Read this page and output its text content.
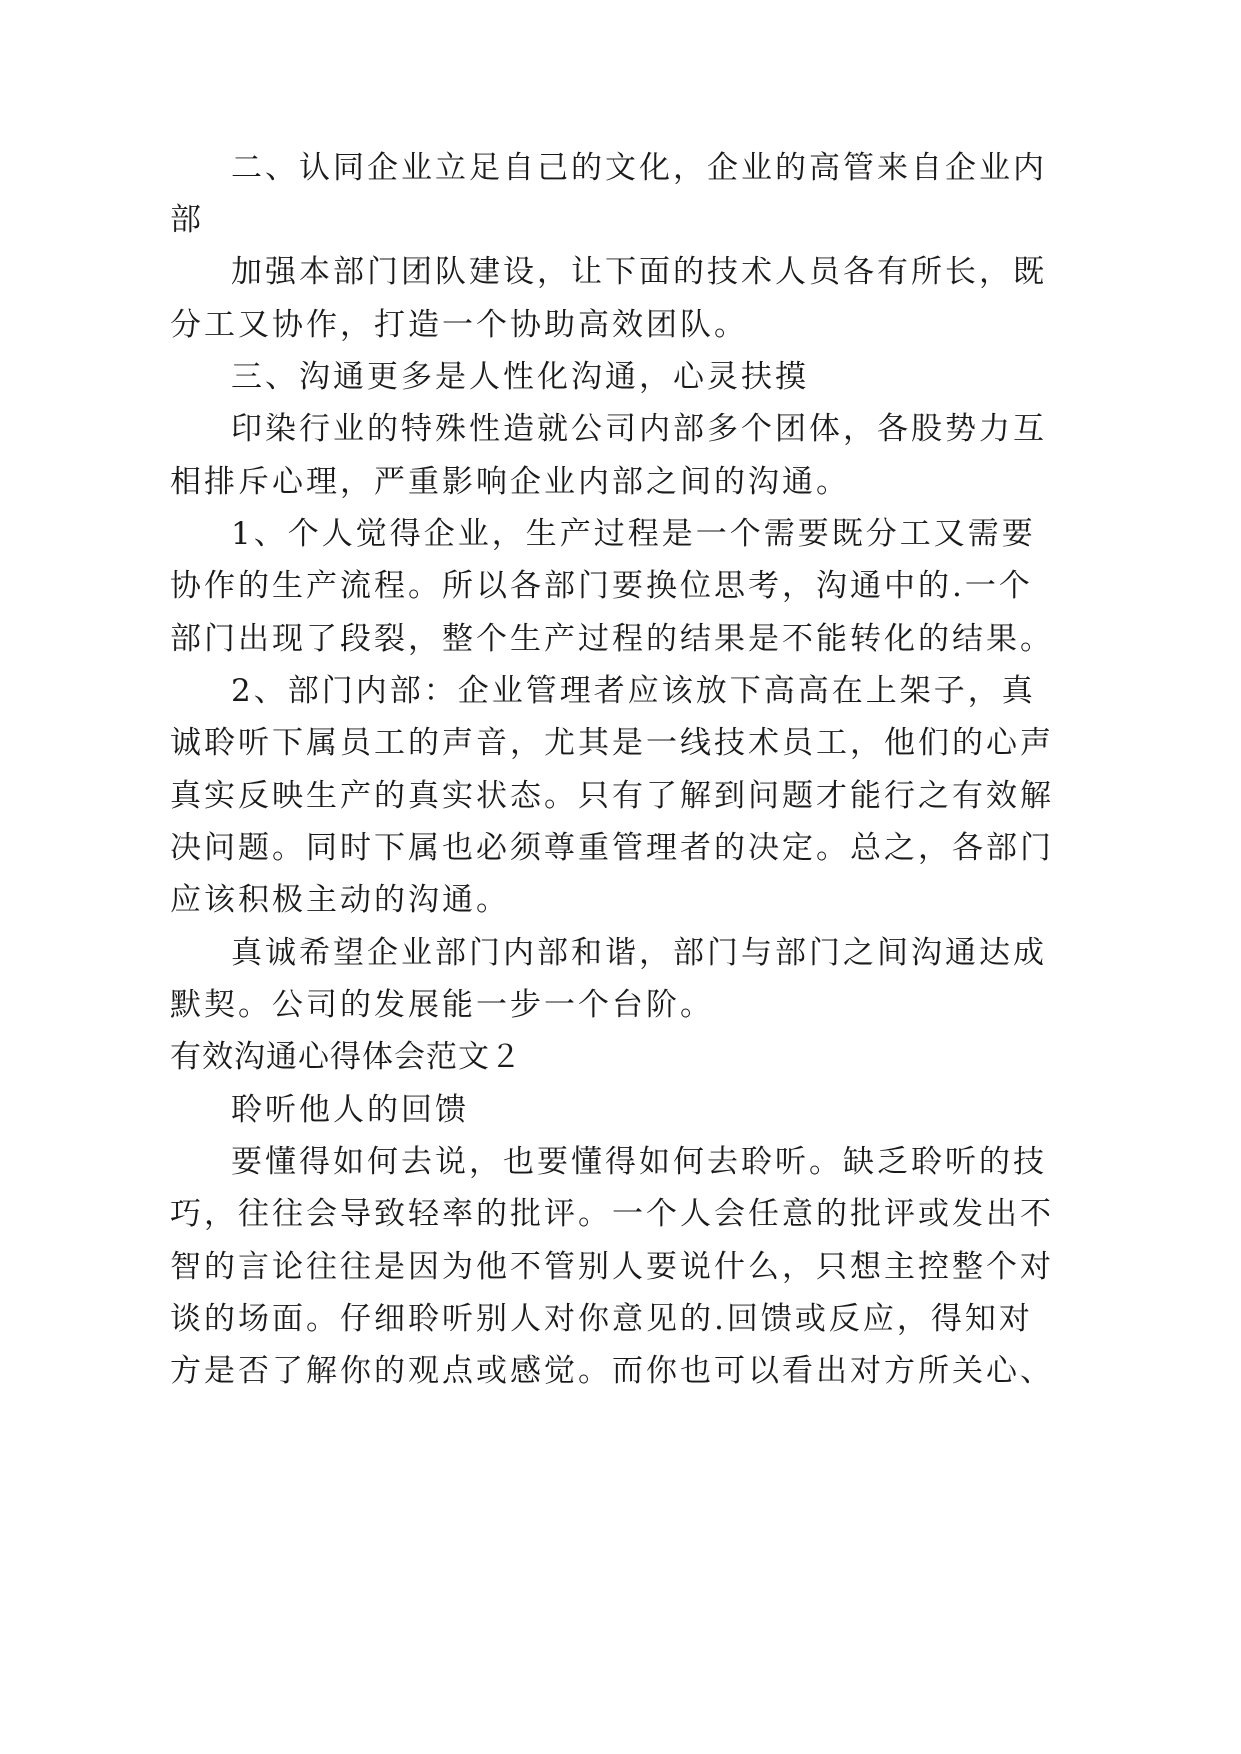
二、认同企业立足自己的文化，企业的高管来自企业内

部

加强本部门团队建设，让下面的技术人员各有所长，既

分工又协作，打造一个协助高效团队。

三、沟通更多是人性化沟通，心灵扶摸

印染行业的特殊性造就公司内部多个团体，各股势力互

相排斥心理，严重影响企业内部之间的沟通。

1、个人觉得企业，生产过程是一个需要既分工又需要

协作的生产流程。所以各部门要换位思考，沟通中的.一个

部门出现了段裂，整个生产过程的结果是不能转化的结果。

2、部门内部：企业管理者应该放下高高在上架子，真

诚聆听下属员工的声音，尤其是一线技术员工，他们的心声

真实反映生产的真实状态。只有了解到问题才能行之有效解

决问题。同时下属也必须尊重管理者的决定。总之，各部门

应该积极主动的沟通。

真诚希望企业部门内部和谐，部门与部门之间沟通达成

默契。公司的发展能一步一个台阶。

有效沟通心得体会范文２

聆听他人的回馈

要懂得如何去说，也要懂得如何去聆听。缺乏聆听的技

巧，往往会导致轻率的批评。一个人会任意的批评或发出不

智的言论往往是因为他不管别人要说什么，只想主控整个对

谈的场面。仔细聆听别人对你意见的.回馈或反应，得知对

方是否了解你的观点或感觉。而你也可以看出对方所关心、
